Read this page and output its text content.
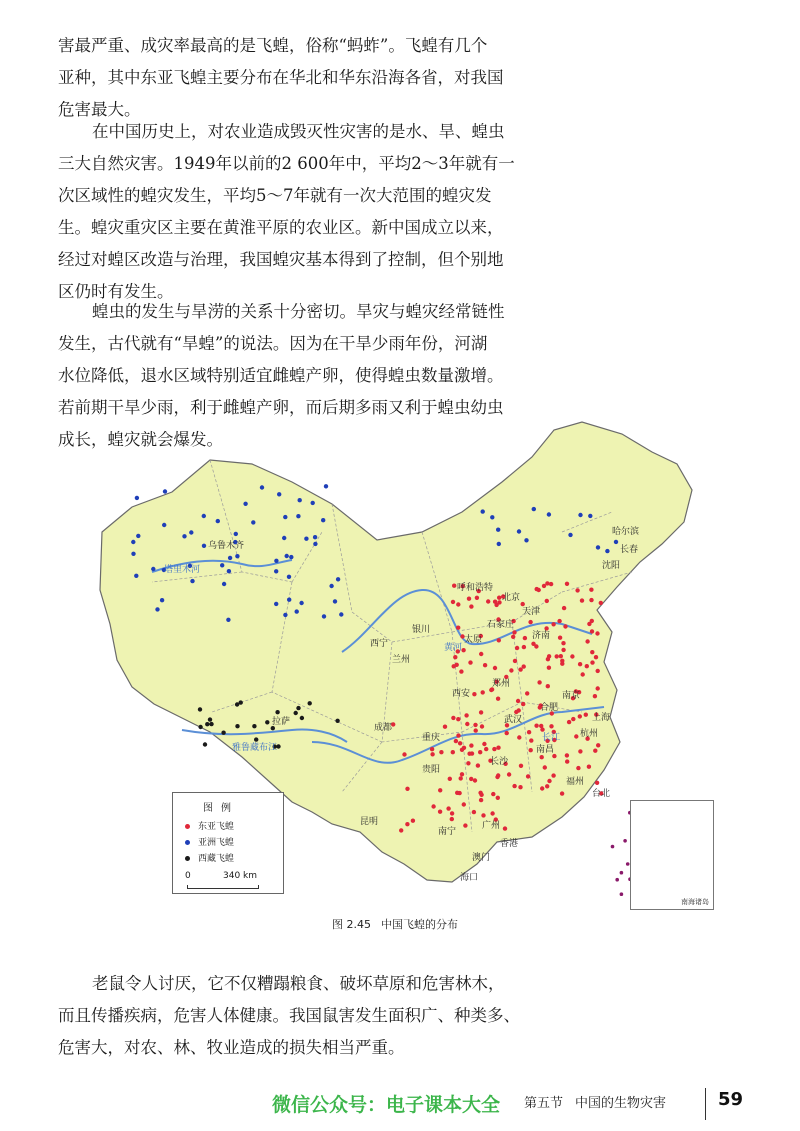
害最严重、成灾率最高的是飞蝗，俗称“蚂蚱”。飞蝗有几个
亚种，其中东亚飞蝗主要分布在华北和华东沿海各省，对我国
危害最大。
在中国历史上，对农业造成毁灭性灾害的是水、旱、蝗虫
三大自然灾害。1949年以前的2 600年中，平均2～3年就有一
次区域性的蝗灾发生，平均5～7年就有一次大范围的蝗灾发
生。蝗灾重灾区主要在黄淮平原的农业区。新中国成立以来，
经过对蝗区改造与治理，我国蝗灾基本得到了控制，但个别地
区仍时有发生。
蝗虫的发生与旱涝的关系十分密切。旱灾与蝗灾经常链性
发生，古代就有“旱蝗”的说法。因为在干旱少雨年份，河湖
水位降低，退水区域特别适宜雌蝗产卵，使得蝗虫数量激增。
若前期干旱少雨，利于雌蝗产卵，而后期多雨又利于蝗虫幼虫
成长，蝗灾就会爆发。
乌鲁木齐
哈尔滨
长春
沈阳
呼和浩特
北京
天津
石家庄
太原	济南
西宁
兰州
银川
西安
郑州
拉萨
成都
重庆
武汉
合肥
南京
上海
杭州
贵阳
长沙
南昌
福州
台北
昆明
南宁
广州
香港
澳门
海口
塔里木河
黄河
长江
雅鲁藏布江
图例
东亚飞蝗
亚洲飞蝗
西藏飞蝗
0	340 km
南海诸岛
图 2.45 中国飞蝗的分布
老鼠令人讨厌，它不仅糟蹋粮食、破坏草原和危害林木，
而且传播疾病，危害人体健康。我国鼠害发生面积广、种类多、
危害大，对农、林、牧业造成的损失相当严重。
微信公众号：电子课本大全 第五节 中国的生物灾害	59
